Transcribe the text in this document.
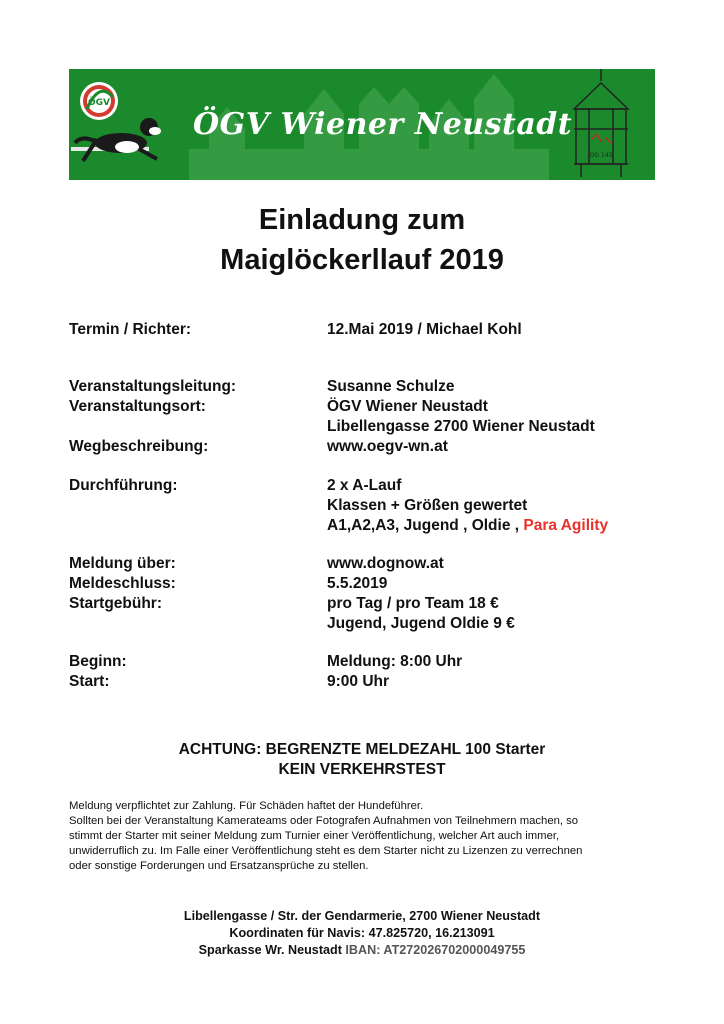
ÖGV
OG 143
ÖGV Wiener Neustadt
Einladung zum
Maiglöckerllauf 2019
Termin / Richter:	12.Mai 2019 / Michael Kohl
Veranstaltungsleitung:	Susanne Schulze
Veranstaltungsort:	ÖGV Wiener Neustadt
Libellengasse 2700 Wiener Neustadt
Wegbeschreibung:	www.oegv-wn.at
Durchführung:	2 x A-Lauf
Klassen + Größen gewertet
A1,A2,A3, Jugend , Oldie , Para Agility
Meldung über:	www.dognow.at
Meldeschluss:	5.5.2019
Startgebühr:	pro Tag / pro Team 18 €
Jugend, Jugend Oldie 9 €
Beginn:	Meldung: 8:00 Uhr
Start:	9:00 Uhr
ACHTUNG: BEGRENZTE MELDEZAHL 100 Starter
KEIN VERKEHRSTEST
Meldung verpflichtet zur Zahlung. Für Schäden haftet der Hundeführer.
Sollten bei der Veranstaltung Kamerateams oder Fotografen Aufnahmen von Teilnehmern machen, so
stimmt der Starter mit seiner Meldung zum Turnier einer Veröffentlichung, welcher Art auch immer,
unwiderruflich zu. Im Falle einer Veröffentlichung steht es dem Starter nicht zu Lizenzen zu verrechnen
oder sonstige Forderungen und Ersatzansprüche zu stellen.
Libellengasse / Str. der Gendarmerie, 2700 Wiener Neustadt
Koordinaten für Navis: 47.825720, 16.213091
Sparkasse Wr. Neustadt IBAN: AT272026702000049755
